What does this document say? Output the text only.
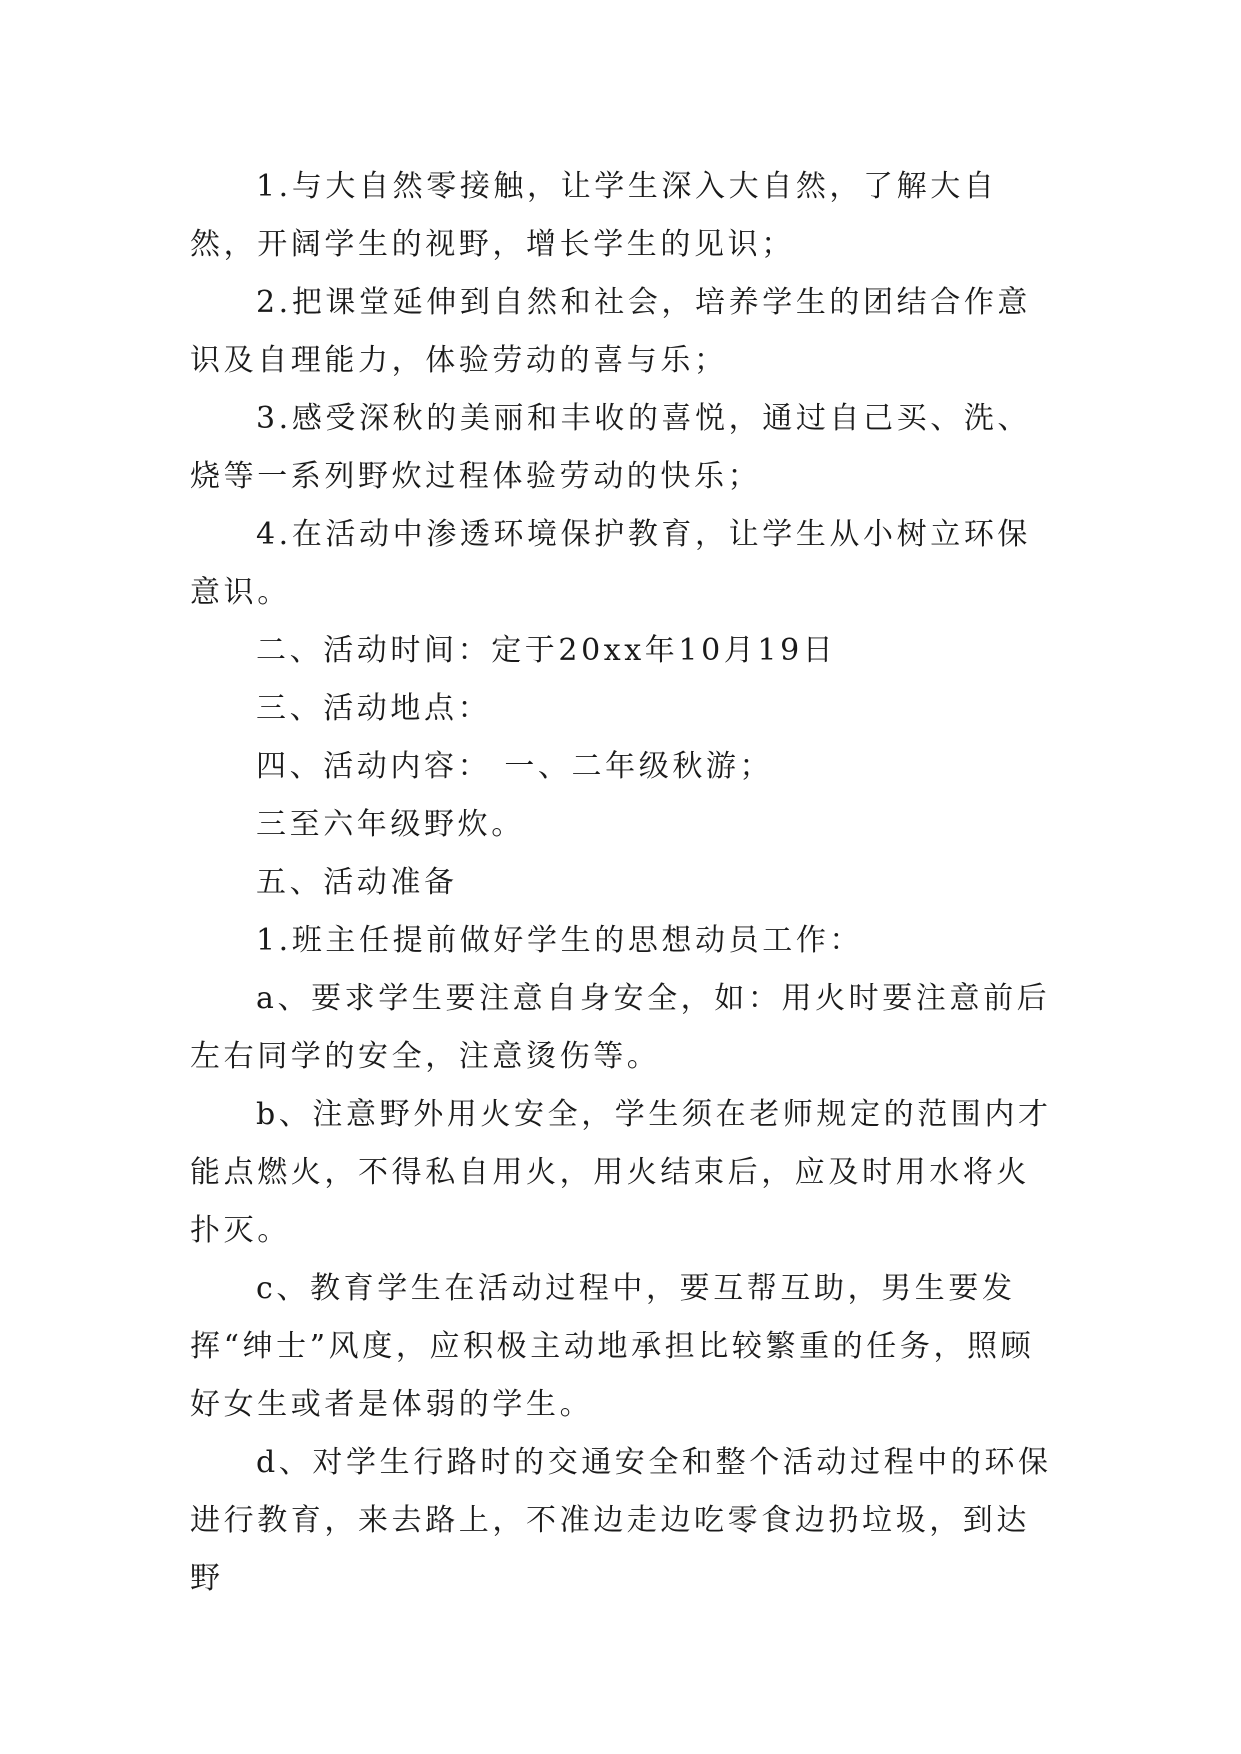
1.与大自然零接触，让学生深入大自然，了解大自然，开阔学生的视野，增长学生的见识；

2.把课堂延伸到自然和社会，培养学生的团结合作意识及自理能力，体验劳动的喜与乐；

3.感受深秋的美丽和丰收的喜悦，通过自己买、洗、烧等一系列野炊过程体验劳动的快乐；

4.在活动中渗透环境保护教育，让学生从小树立环保意识。

二、活动时间：定于20xx年10月19日

三、活动地点：

四、活动内容： 一、二年级秋游；

三至六年级野炊。

五、活动准备

1.班主任提前做好学生的思想动员工作：

a、要求学生要注意自身安全，如：用火时要注意前后左右同学的安全，注意烫伤等。

b、注意野外用火安全，学生须在老师规定的范围内才能点燃火，不得私自用火，用火结束后，应及时用水将火扑灭。

c、教育学生在活动过程中，要互帮互助，男生要发挥“绅士”风度，应积极主动地承担比较繁重的任务，照顾好女生或者是体弱的学生。

d、对学生行路时的交通安全和整个活动过程中的环保进行教育，来去路上，不准边走边吃零食边扔垃圾，到达野
